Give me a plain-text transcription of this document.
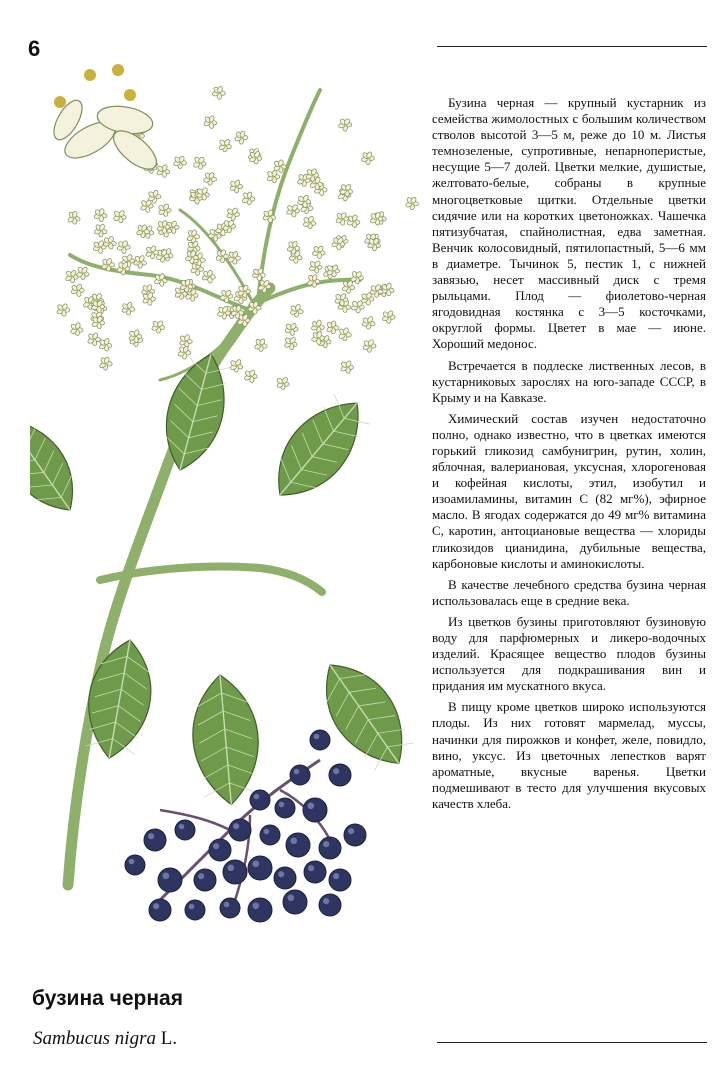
6

Бузина черная — крупный кустарник из семейства жимолостных с большим количеством стволов высотой 3—5 м, реже до 10 м. Листья темнозеленые, супротивные, непарноперистые, несущие 5—7 долей. Цветки мелкие, душистые, желтовато-белые, собраны в крупные многоцветковые щитки. Отдельные цветки сидячие или на коротких цветоножках. Чашечка пятизубчатая, спайнолистная, едва заметная. Венчик колосовидный, пятилопастный, 5—6 мм в диаметре. Тычинок 5, пестик 1, с нижней завязью, несет массивный диск с тремя рыльцами. Плод — фиолетово-черная ягодовидная костянка с 3—5 косточками, округлой формы. Цветет в мае — июне. Хороший медонос.

Встречается в подлеске лиственных лесов, в кустарниковых зарослях на юго-западе СССР, в Крыму и на Кавказе.

Химический состав изучен недостаточно полно, однако известно, что в цветках имеются горький гликозид самбунигрин, рутин, холин, яблочная, валериановая, уксусная, хлорогеновая и кофейная кислоты, этил, изобутил и изоамиламины, витамин С (82 мг%), эфирное масло. В ягодах содержатся до 49 мг% витамина С, каротин, антоциановые вещества — хлориды гликозидов цианидина, дубильные вещества, карбоновые кислоты и аминокислоты.

В качестве лечебного средства бузина черная использовалась еще в средние века.

Из цветков бузины приготовляют бузиновую воду для парфюмерных и ликеро-водочных изделий. Красящее вещество плодов бузины используется для подкрашивания вин и придания им мускатного вкуса.

В пищу кроме цветков широко используются плоды. Из них готовят мармелад, муссы, начинки для пирожков и конфет, желе, повидло, вино, уксус. Из цветочных лепестков варят ароматные, вкусные варенья. Цветки подмешивают в тесто для улучшения вкусовых качеств хлеба.

бузина черная
Sambucus nigra L.
